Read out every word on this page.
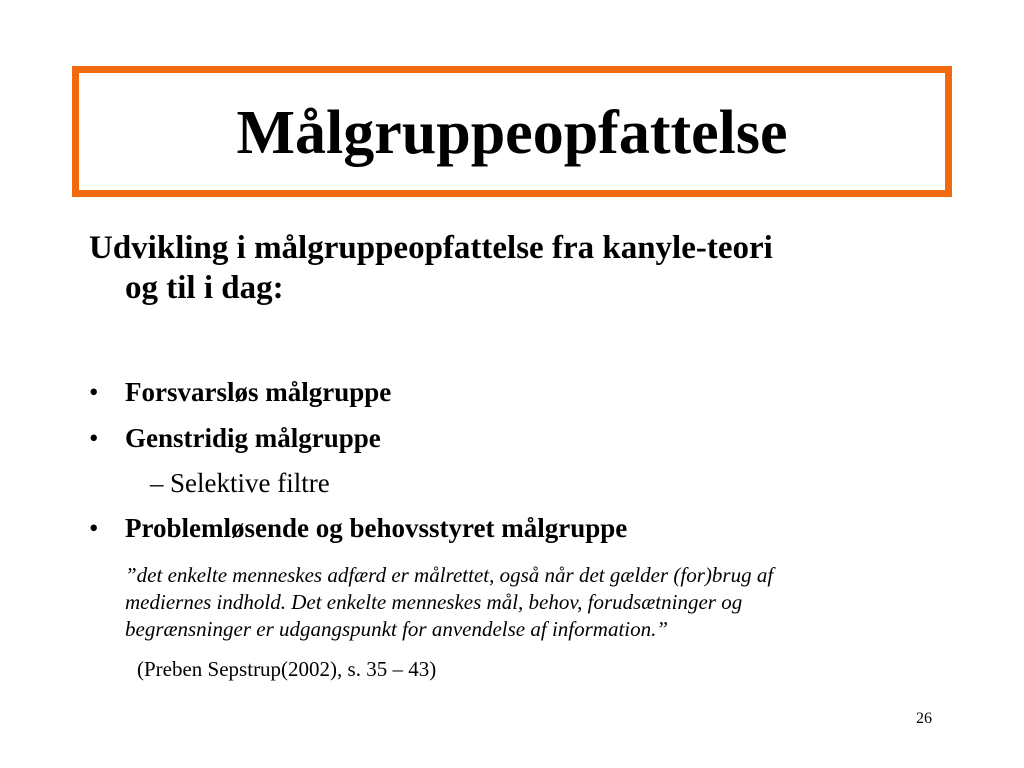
Målgruppeopfattelse
Udvikling i målgruppeopfattelse fra kanyle-teori
og til i dag:
• Forsvarsløs målgruppe
• Genstridig målgruppe
– Selektive filtre
• Problemløsende og behovsstyret målgruppe
”det enkelte menneskes adfærd er målrettet, også når det gælder (for)brug af
mediernes indhold. Det enkelte menneskes mål, behov, forudsætninger og
begrænsninger er udgangspunkt for anvendelse af information.”
(Preben Sepstrup(2002), s. 35 – 43)
26
